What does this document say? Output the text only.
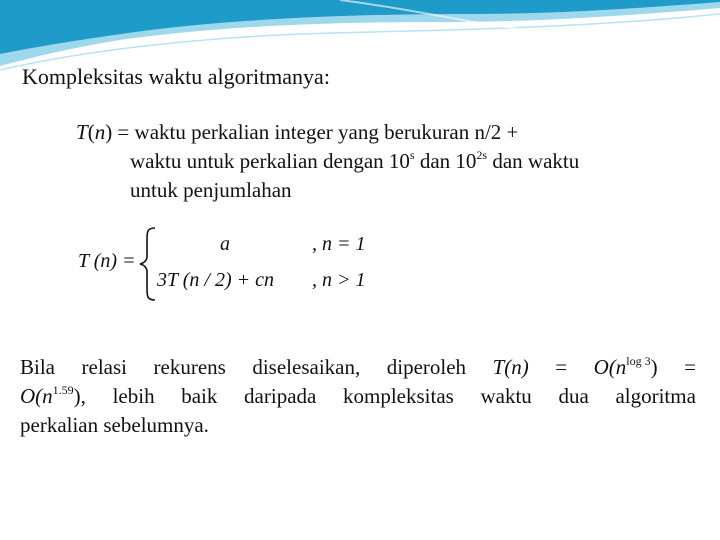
Kompleksitas waktu algoritmanya:
T(n) = waktu perkalian integer yang berukuran n/2 +
waktu untuk perkalian dengan 10$^s$ dan $10^{2s}$ dan waktu
untuk penjumlahan
T (n) =
a	, n = 1
3T (n / 2) + cn , n > 1
Bila relasi rekurens diselesaikan, diperoleh $T(n) = O(n^{log 3})$ =
$O(n^{1.59})$, lebih baik daripada kompleksitas waktu dua algoritma
perkalian sebelumnya.
